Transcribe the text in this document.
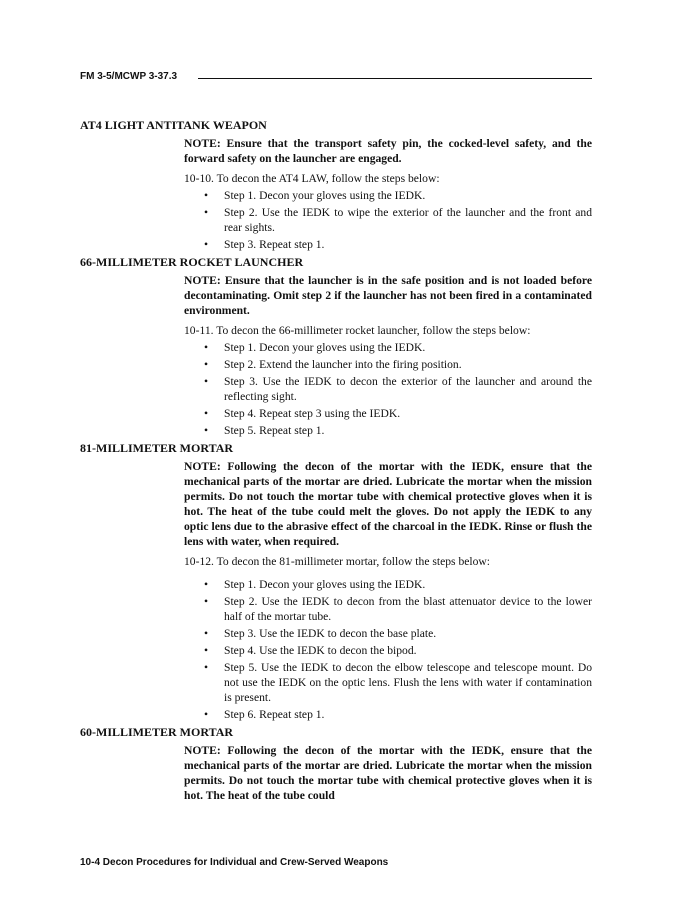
FM 3-5/MCWP 3-37.3
AT4 LIGHT ANTITANK WEAPON

NOTE: Ensure that the transport safety pin, the cocked-level safety, and the forward safety on the launcher are engaged.

10-10. To decon the AT4 LAW, follow the steps below:

• Step 1. Decon your gloves using the IEDK.
• Step 2. Use the IEDK to wipe the exterior of the launcher and the front and rear sights.
• Step 3. Repeat step 1.
66-MILLIMETER ROCKET LAUNCHER

NOTE: Ensure that the launcher is in the safe position and is not loaded before decontaminating. Omit step 2 if the launcher has not been fired in a contaminated environment.

10-11. To decon the 66-millimeter rocket launcher, follow the steps below:

• Step 1. Decon your gloves using the IEDK.
• Step 2. Extend the launcher into the firing position.
• Step 3. Use the IEDK to decon the exterior of the launcher and around the reflecting sight.
• Step 4. Repeat step 3 using the IEDK.
• Step 5. Repeat step 1.
81-MILLIMETER MORTAR

NOTE: Following the decon of the mortar with the IEDK, ensure that the mechanical parts of the mortar are dried. Lubricate the mortar when the mission permits. Do not touch the mortar tube with chemical protective gloves when it is hot. The heat of the tube could melt the gloves. Do not apply the IEDK to any optic lens due to the abrasive effect of the charcoal in the IEDK. Rinse or flush the lens with water, when required.

10-12. To decon the 81-millimeter mortar, follow the steps below:

• Step 1. Decon your gloves using the IEDK.
• Step 2. Use the IEDK to decon from the blast attenuator device to the lower half of the mortar tube.
• Step 3. Use the IEDK to decon the base plate.
• Step 4. Use the IEDK to decon the bipod.
• Step 5. Use the IEDK to decon the elbow telescope and telescope mount. Do not use the IEDK on the optic lens. Flush the lens with water if contamination is present.
• Step 6. Repeat step 1.
60-MILLIMETER MORTAR

NOTE: Following the decon of the mortar with the IEDK, ensure that the mechanical parts of the mortar are dried. Lubricate the mortar when the mission permits. Do not touch the mortar tube with chemical protective gloves when it is hot. The heat of the tube could

10-4 Decon Procedures for Individual and Crew-Served Weapons
